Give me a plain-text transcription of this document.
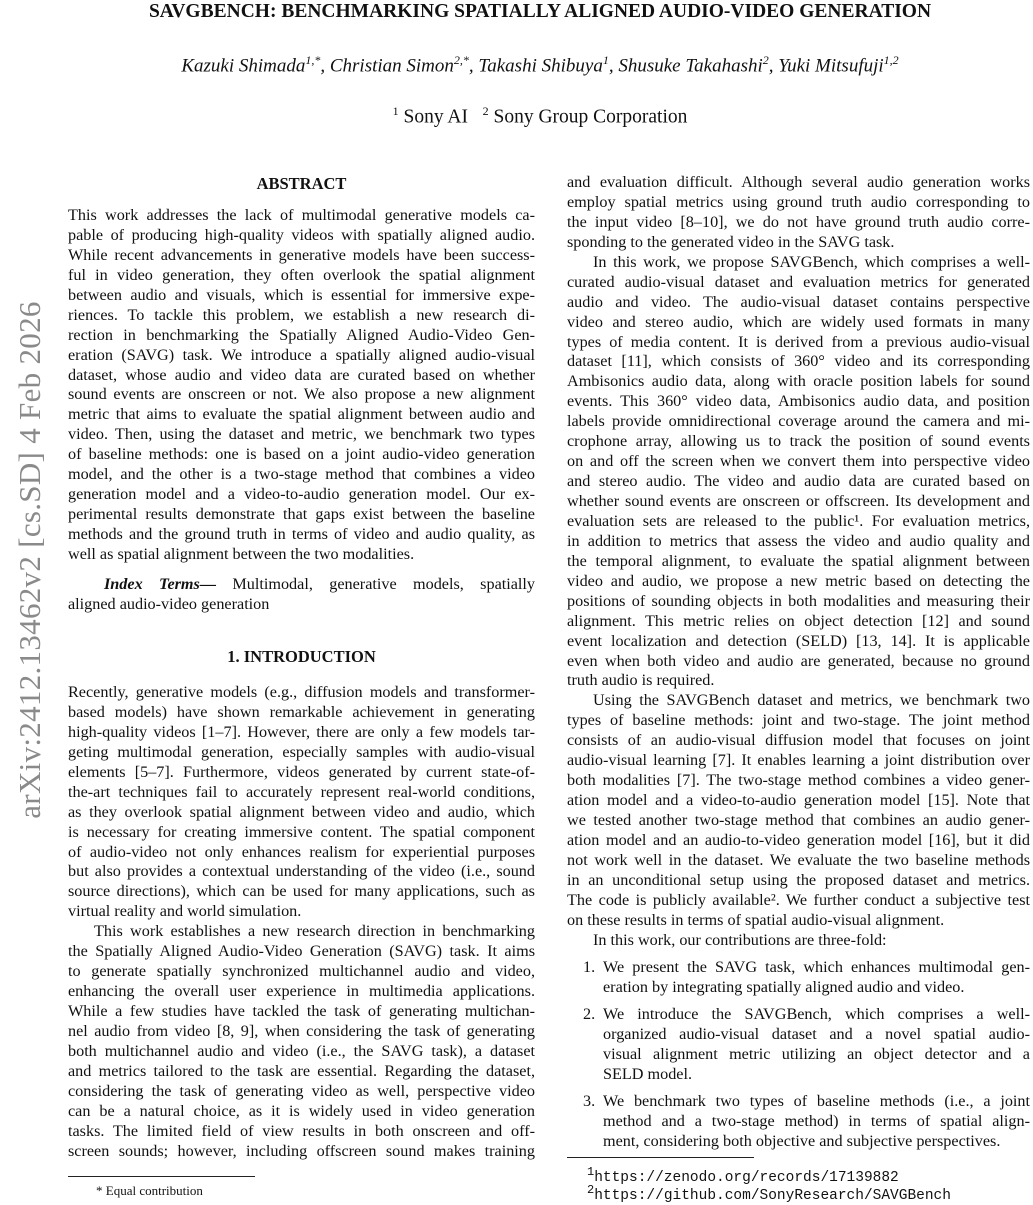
SAVGBENCH: BENCHMARKING SPATIALLY ALIGNED AUDIO-VIDEO GENERATION
Kazuki Shimada$^{1,*}$, Christian Simon$^{2,*}$, Takashi Shibuya$^1$, Shusuke Takahashi$^2$, Yuki Mitsufuji$^{1,2}$
$^1$ Sony AI $^2$ Sony Group Corporation
arXiv:2412.13462v2 [cs.SD] 4 Feb 2026
ABSTRACT
This work addresses the lack of multimodal generative models ca-
pable of producing high-quality videos with spatially aligned audio.
While recent advancements in generative models have been success-
ful in video generation, they often overlook the spatial alignment
between audio and visuals, which is essential for immersive expe-
riences. To tackle this problem, we establish a new research di-
rection in benchmarking the Spatially Aligned Audio-Video Gen-
eration (SAVG) task. We introduce a spatially aligned audio-visual
dataset, whose audio and video data are curated based on whether
sound events are onscreen or not. We also propose a new alignment
metric that aims to evaluate the spatial alignment between audio and
video. Then, using the dataset and metric, we benchmark two types
of baseline methods: one is based on a joint audio-video generation
model, and the other is a two-stage method that combines a video
generation model and a video-to-audio generation model. Our ex-
perimental results demonstrate that gaps exist between the baseline
methods and the ground truth in terms of video and audio quality, as
well as spatial alignment between the two modalities.
Index Terms— Multimodal, generative models, spatially
aligned audio-video generation
1. INTRODUCTION
Recently, generative models (e.g., diffusion models and transformer-
based models) have shown remarkable achievement in generating
high-quality videos [1–7]. However, there are only a few models tar-
geting multimodal generation, especially samples with audio-visual
elements [5–7]. Furthermore, videos generated by current state-of-
the-art techniques fail to accurately represent real-world conditions,
as they overlook spatial alignment between video and audio, which
is necessary for creating immersive content. The spatial component
of audio-video not only enhances realism for experiential purposes
but also provides a contextual understanding of the video (i.e., sound
source directions), which can be used for many applications, such as
virtual reality and world simulation.
This work establishes a new research direction in benchmarking
the Spatially Aligned Audio-Video Generation (SAVG) task. It aims
to generate spatially synchronized multichannel audio and video,
enhancing the overall user experience in multimedia applications.
While a few studies have tackled the task of generating multichan-
nel audio from video [8, 9], when considering the task of generating
both multichannel audio and video (i.e., the SAVG task), a dataset
and metrics tailored to the task are essential. Regarding the dataset,
considering the task of generating video as well, perspective video
can be a natural choice, as it is widely used in video generation
tasks. The limited field of view results in both onscreen and off-
screen sounds; however, including offscreen sound makes training
and evaluation difficult. Although several audio generation works
employ spatial metrics using ground truth audio corresponding to
the input video [8–10], we do not have ground truth audio corre-
sponding to the generated video in the SAVG task.
In this work, we propose SAVGBench, which comprises a well-
curated audio-visual dataset and evaluation metrics for generated
audio and video. The audio-visual dataset contains perspective
video and stereo audio, which are widely used formats in many
types of media content. It is derived from a previous audio-visual
dataset [11], which consists of 360° video and its corresponding
Ambisonics audio data, along with oracle position labels for sound
events. This 360° video data, Ambisonics audio data, and position
labels provide omnidirectional coverage around the camera and mi-
crophone array, allowing us to track the position of sound events
on and off the screen when we convert them into perspective video
and stereo audio. The video and audio data are curated based on
whether sound events are onscreen or offscreen. Its development and
evaluation sets are released to the public¹. For evaluation metrics,
in addition to metrics that assess the video and audio quality and
the temporal alignment, to evaluate the spatial alignment between
video and audio, we propose a new metric based on detecting the
positions of sounding objects in both modalities and measuring their
alignment. This metric relies on object detection [12] and sound
event localization and detection (SELD) [13, 14]. It is applicable
even when both video and audio are generated, because no ground
truth audio is required.
Using the SAVGBench dataset and metrics, we benchmark two
types of baseline methods: joint and two-stage. The joint method
consists of an audio-visual diffusion model that focuses on joint
audio-visual learning [7]. It enables learning a joint distribution over
both modalities [7]. The two-stage method combines a video gener-
ation model and a video-to-audio generation model [15]. Note that
we tested another two-stage method that combines an audio gener-
ation model and an audio-to-video generation model [16], but it did
not work well in the dataset. We evaluate the two baseline methods
in an unconditional setup using the proposed dataset and metrics.
The code is publicly available². We further conduct a subjective test
on these results in terms of spatial audio-visual alignment.
In this work, our contributions are three-fold:
1. We present the SAVG task, which enhances multimodal gen-
eration by integrating spatially aligned audio and video.
2. We introduce the SAVGBench, which comprises a well-
organized audio-visual dataset and a novel spatial audio-
visual alignment metric utilizing an object detector and a
SELD model.
3. We benchmark two types of baseline methods (i.e., a joint
method and a two-stage method) in terms of spatial align-
ment, considering both objective and subjective perspectives.
* Equal contribution
$^1$https://zenodo.org/records/17139882
$^2$https://github.com/SonyResearch/SAVGBench
